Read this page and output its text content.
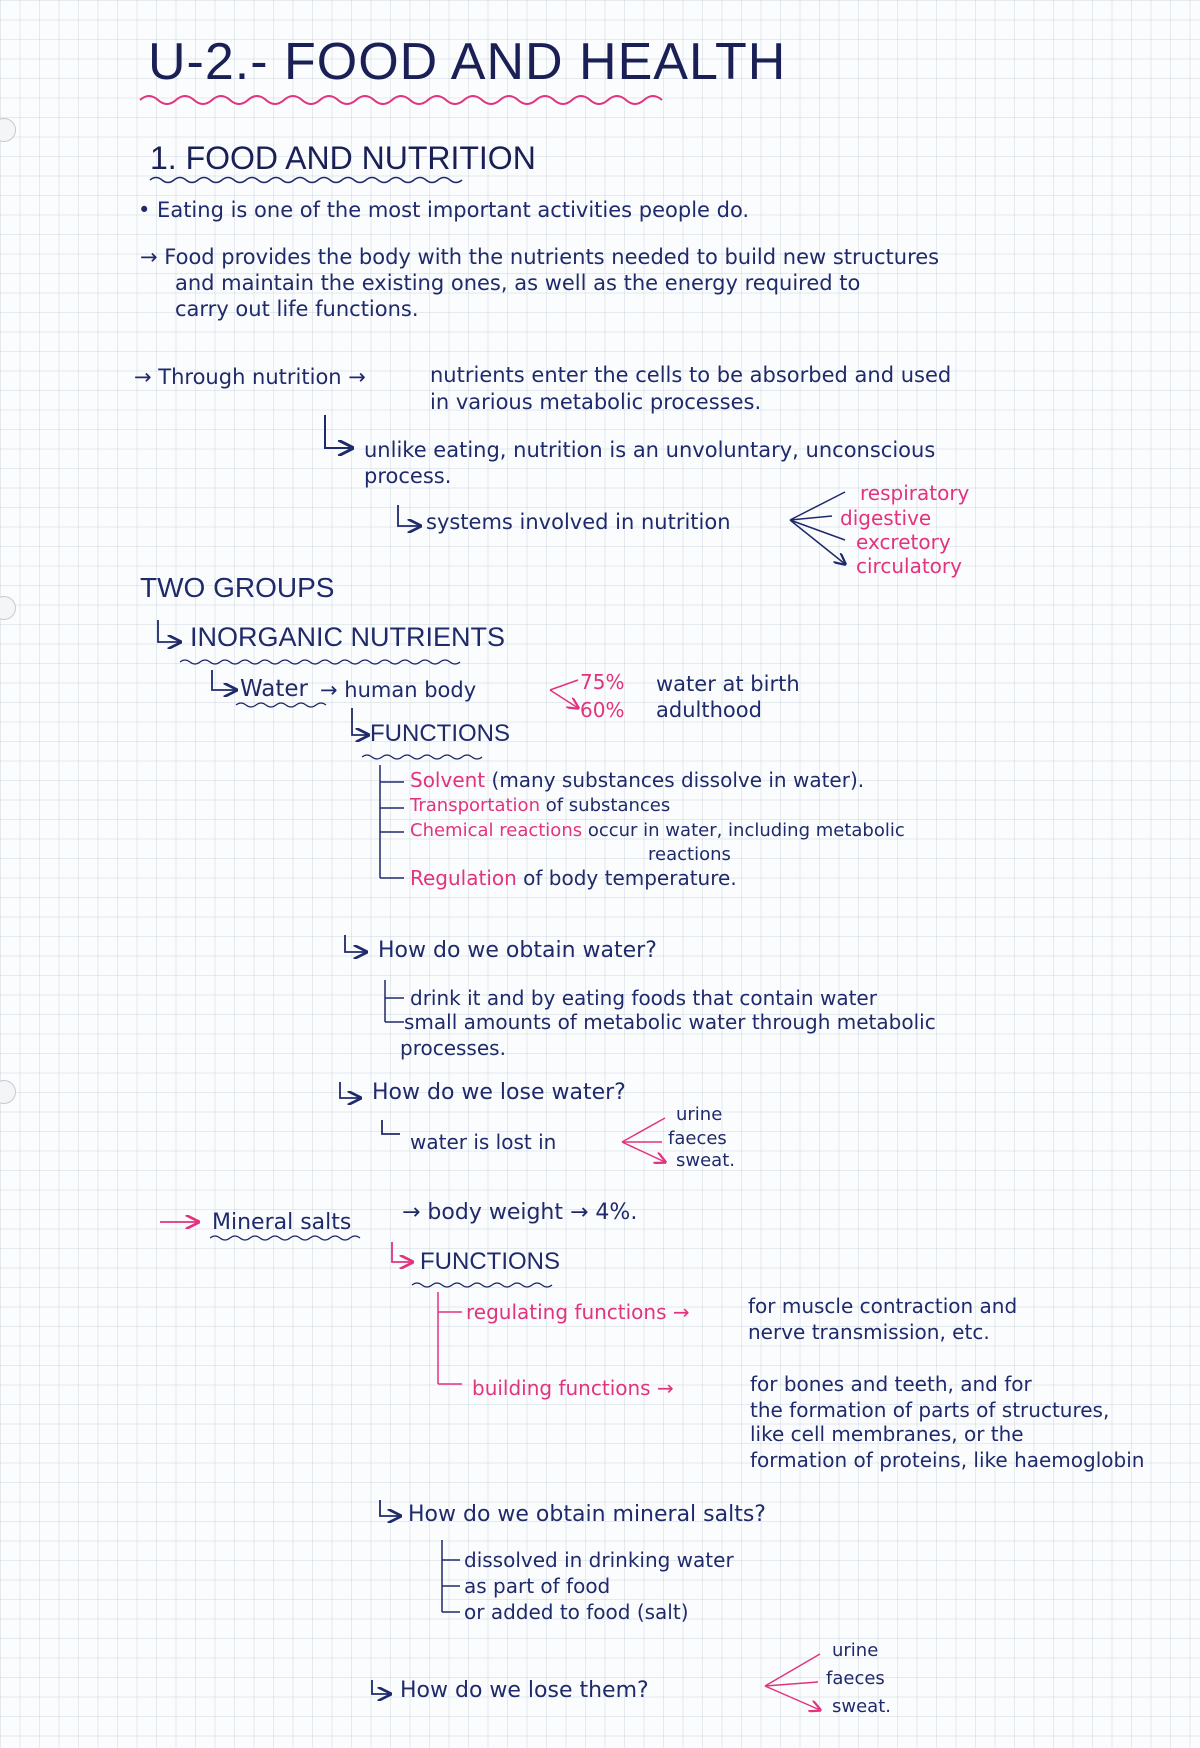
U-2.- FOOD AND HEALTH
1. FOOD AND NUTRITION
• Eating is one of the most important activities people do.
→ Food provides the body with the nutrients needed to build new structures
and maintain the existing ones, as well as the energy required to
carry out life functions.
→ Through nutrition →	nutrients enter the cells to be absorbed and used
in various metabolic processes.
unlike eating, nutrition is an unvoluntary, unconscious
process.
systems involved in nutrition
respiratory
digestive
excretory
circulatory
TWO GROUPS
INORGANIC NUTRIENTS
Water → human body	75% water at birth
60% adulthood
FUNCTIONS
Solvent (many substances dissolve in water).
Transportation of substances
Chemical reactions occur in water, including metabolic
reactions
Regulation of body temperature.
How do we obtain water?
drink it and by eating foods that contain water
small amounts of metabolic water through metabolic
processes.
How do we lose water?
water is lost in
urine
faeces
sweat.
Mineral salts → body weight → 4%.
FUNCTIONS
regulating functions →	for muscle contraction and
nerve transmission, etc.
building functions →	for bones and teeth, and for
the formation of parts of structures,
like cell membranes, or the
formation of proteins, like haemoglobin
How do we obtain mineral salts?
dissolved in drinking water
as part of food
or added to food (salt)
How do we lose them?
urine
faeces
sweat.
